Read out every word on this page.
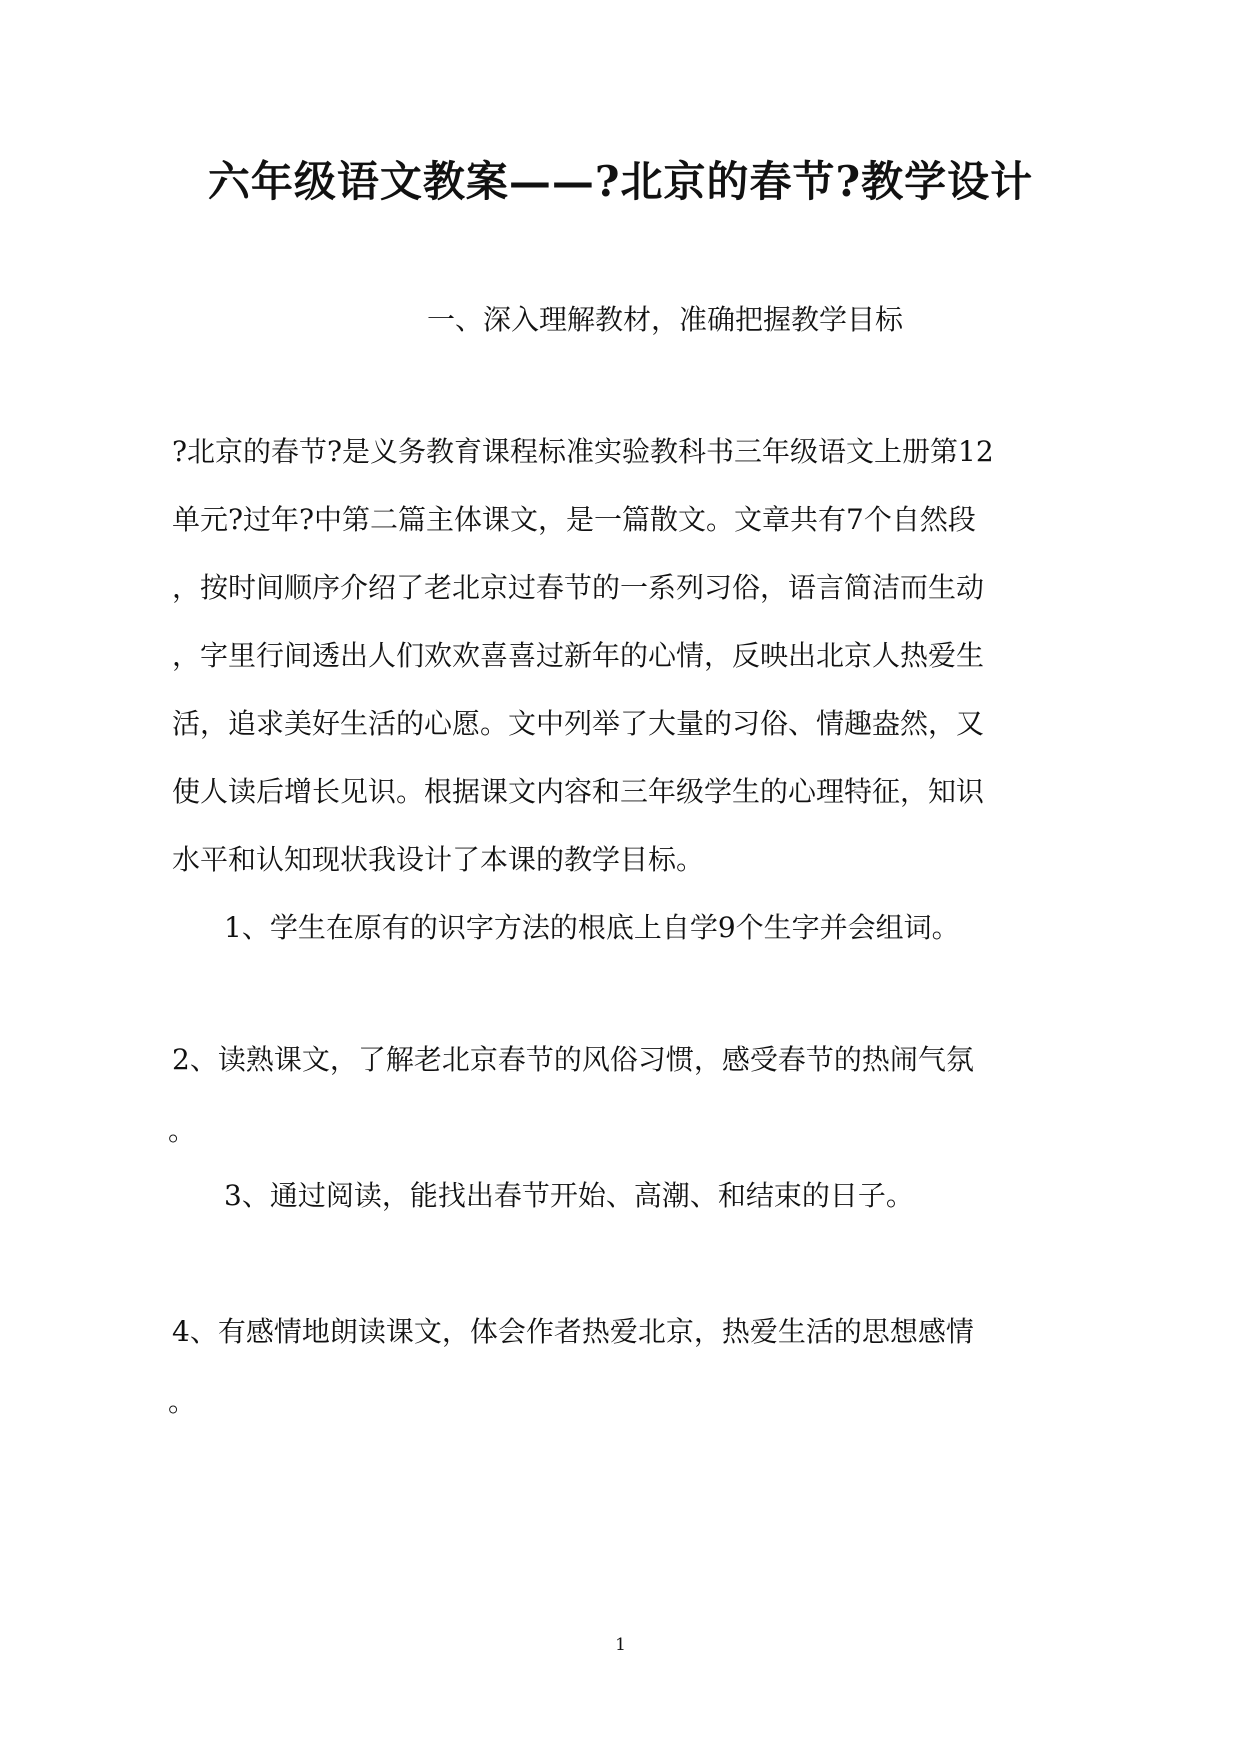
六年级语文教案——?北京的春节?教学设计
一、深入理解教材，准确把握教学目标
?北京的春节?是义务教育课程标准实验教科书三年级语文上册第12
单元?过年?中第二篇主体课文，是一篇散文。文章共有7个自然段
，按时间顺序介绍了老北京过春节的一系列习俗，语言简洁而生动
，字里行间透出人们欢欢喜喜过新年的心情，反映出北京人热爱生
活，追求美好生活的心愿。文中列举了大量的习俗、情趣盎然，又
使人读后增长见识。根据课文内容和三年级学生的心理特征，知识
水平和认知现状我设计了本课的教学目标。
1、学生在原有的识字方法的根底上自学9个生字并会组词。
2、读熟课文，了解老北京春节的风俗习惯，感受春节的热闹气氛
。
3、通过阅读，能找出春节开始、高潮、和结束的日子。
4、有感情地朗读课文，体会作者热爱北京，热爱生活的思想感情
。
1
